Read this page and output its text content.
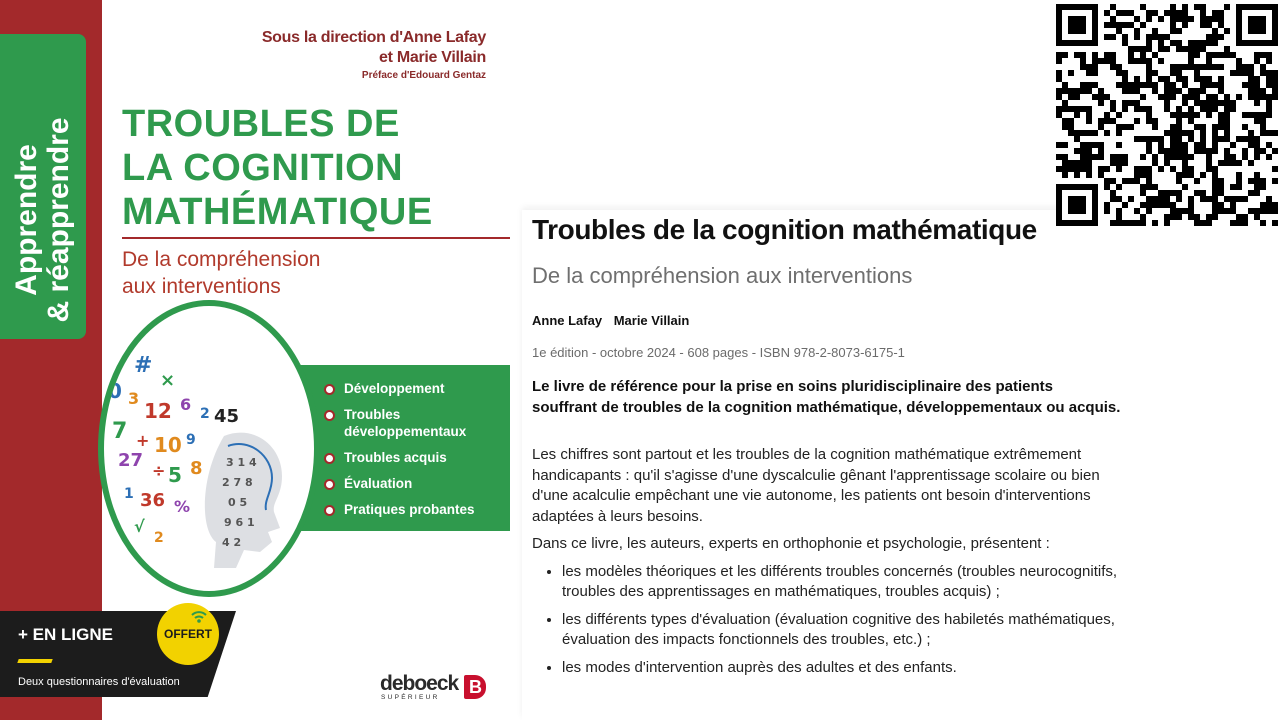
Apprendre & réapprendre
Sous la direction d'Anne Lafay
et Marie Villain
Préface d'Edouard Gentaz
TROUBLES DE
LA COGNITION
MATHÉMATIQUE
De la compréhension
aux interventions
4
#
×
0 3
12 6 2 45
7 + 10 9
27 ÷ 5 8
1 36 %
√
2
3 1 4
2 7 8
0 5
9 6 1
4 2
Développement
Troubles développementaux
Troubles acquis
Évaluation
Pratiques probantes
+ EN LIGNE
Deux questionnaires d'évaluation
OFFERT
deboeck
SUPÉRIEUR
B
Troubles de la cognition mathématique
De la compréhension aux interventions
Anne Lafay Marie Villain
1e édition - octobre 2024 - 608 pages - ISBN 978-2-8073-6175-1
Le livre de référence pour la prise en soins pluridisciplinaire des patients souffrant de troubles de la cognition mathématique, développementaux ou acquis.

Les chiffres sont partout et les troubles de la cognition mathématique extrêmement handicapants : qu'il s'agisse d'une dyscalculie gênant l'apprentissage scolaire ou bien d'une acalculie empêchant une vie autonome, les patients ont besoin d'interventions adaptées à leurs besoins.

Dans ce livre, les auteurs, experts en orthophonie et psychologie, présentent :

• les modèles théoriques et les différents troubles concernés (troubles neurocognitifs, troubles des apprentissages en mathématiques, troubles acquis) ;
• les différents types d'évaluation (évaluation cognitive des habiletés mathématiques, évaluation des impacts fonctionnels des troubles, etc.) ;
• les modes d'intervention auprès des adultes et des enfants.
